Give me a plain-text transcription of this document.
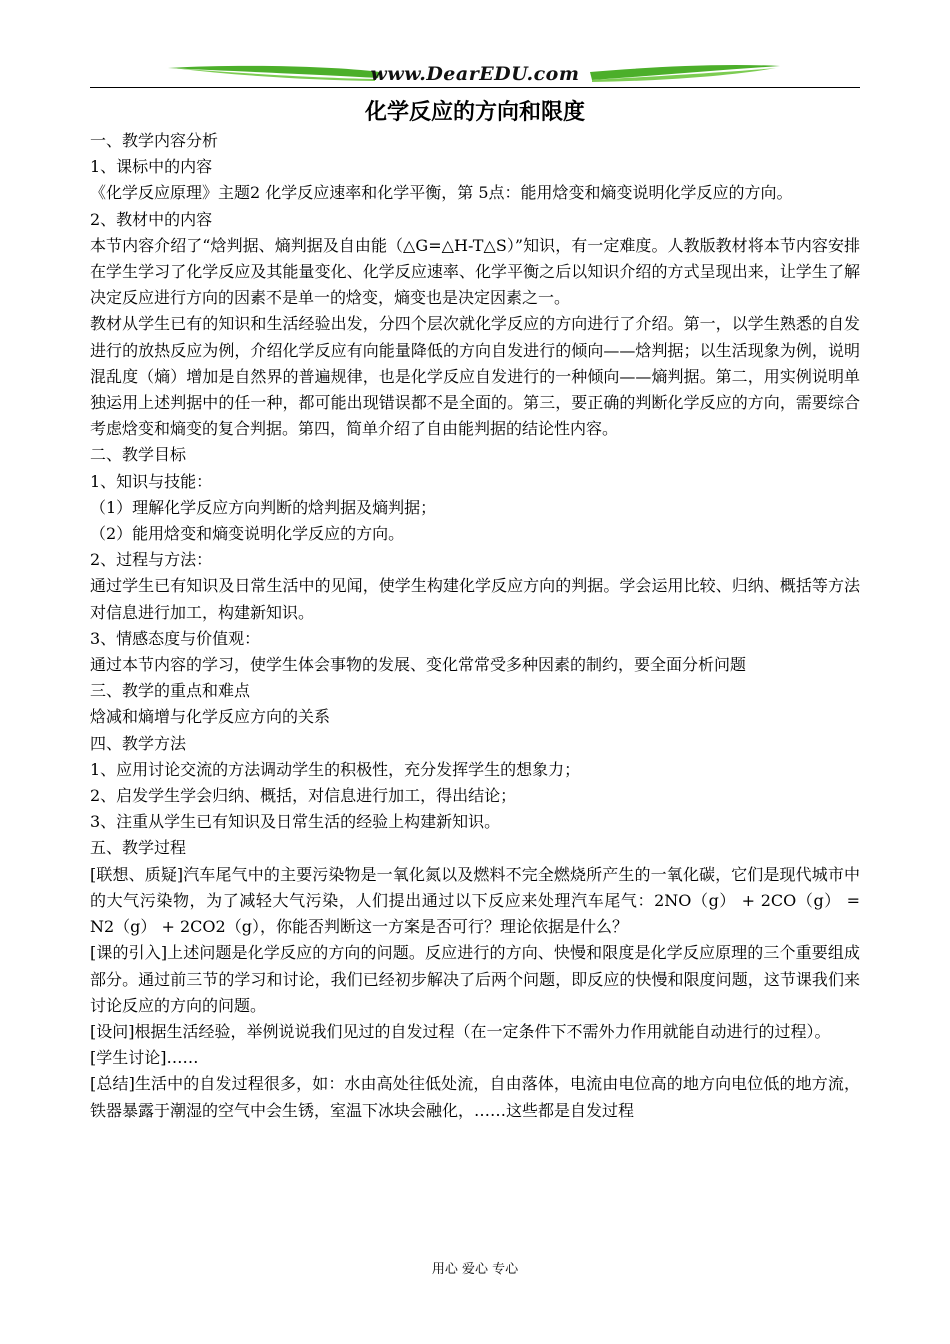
www.DearEDU.com
化学反应的方向和限度

一、教学内容分析

1、课标中的内容

《化学反应原理》主题2 化学反应速率和化学平衡，第 5点：能用焓变和熵变说明化学反应的方向。

2、教材中的内容

本节内容介绍了“焓判据、熵判据及自由能（△G=△H-T△S）”知识，有一定难度。人教版教材将本节内容安排在学生学习了化学反应及其能量变化、化学反应速率、化学平衡之后以知识介绍的方式呈现出来，让学生了解决定反应进行方向的因素不是单一的焓变，熵变也是决定因素之一。

教材从学生已有的知识和生活经验出发，分四个层次就化学反应的方向进行了介绍。第一，以学生熟悉的自发进行的放热反应为例，介绍化学反应有向能量降低的方向自发进行的倾向——焓判据；以生活现象为例，说明混乱度（熵）增加是自然界的普遍规律，也是化学反应自发进行的一种倾向——熵判据。第二，用实例说明单独运用上述判据中的任一种，都可能出现错误都不是全面的。第三，要正确的判断化学反应的方向，需要综合考虑焓变和熵变的复合判据。第四，简单介绍了自由能判据的结论性内容。

二、教学目标

1、知识与技能：

（1）理解化学反应方向判断的焓判据及熵判据；

（2）能用焓变和熵变说明化学反应的方向。

2、过程与方法：

通过学生已有知识及日常生活中的见闻，使学生构建化学反应方向的判据。学会运用比较、归纳、概括等方法对信息进行加工，构建新知识。

3、情感态度与价值观：

通过本节内容的学习，使学生体会事物的发展、变化常常受多种因素的制约，要全面分析问题

三、教学的重点和难点

焓减和熵增与化学反应方向的关系

四、教学方法

1、应用讨论交流的方法调动学生的积极性，充分发挥学生的想象力；

2、启发学生学会归纳、概括，对信息进行加工，得出结论；

3、注重从学生已有知识及日常生活的经验上构建新知识。

五、教学过程

[联想、质疑]汽车尾气中的主要污染物是一氧化氮以及燃料不完全燃烧所产生的一氧化碳，它们是现代城市中的大气污染物，为了减轻大气污染，人们提出通过以下反应来处理汽车尾气：2NO（g） + 2CO（g） = N2（g） + 2CO2（g），你能否判断这一方案是否可行？理论依据是什么？

[课的引入]上述问题是化学反应的方向的问题。反应进行的方向、快慢和限度是化学反应原理的三个重要组成部分。通过前三节的学习和讨论，我们已经初步解决了后两个问题，即反应的快慢和限度问题，这节课我们来讨论反应的方向的问题。

[设问]根据生活经验，举例说说我们见过的自发过程（在一定条件下不需外力作用就能自动进行的过程）。

[学生讨论]……

[总结]生活中的自发过程很多，如：水由高处往低处流，自由落体，电流由电位高的地方向电位低的地方流，铁器暴露于潮湿的空气中会生锈，室温下冰块会融化，……这些都是自发过程

用心 爱心 专心
